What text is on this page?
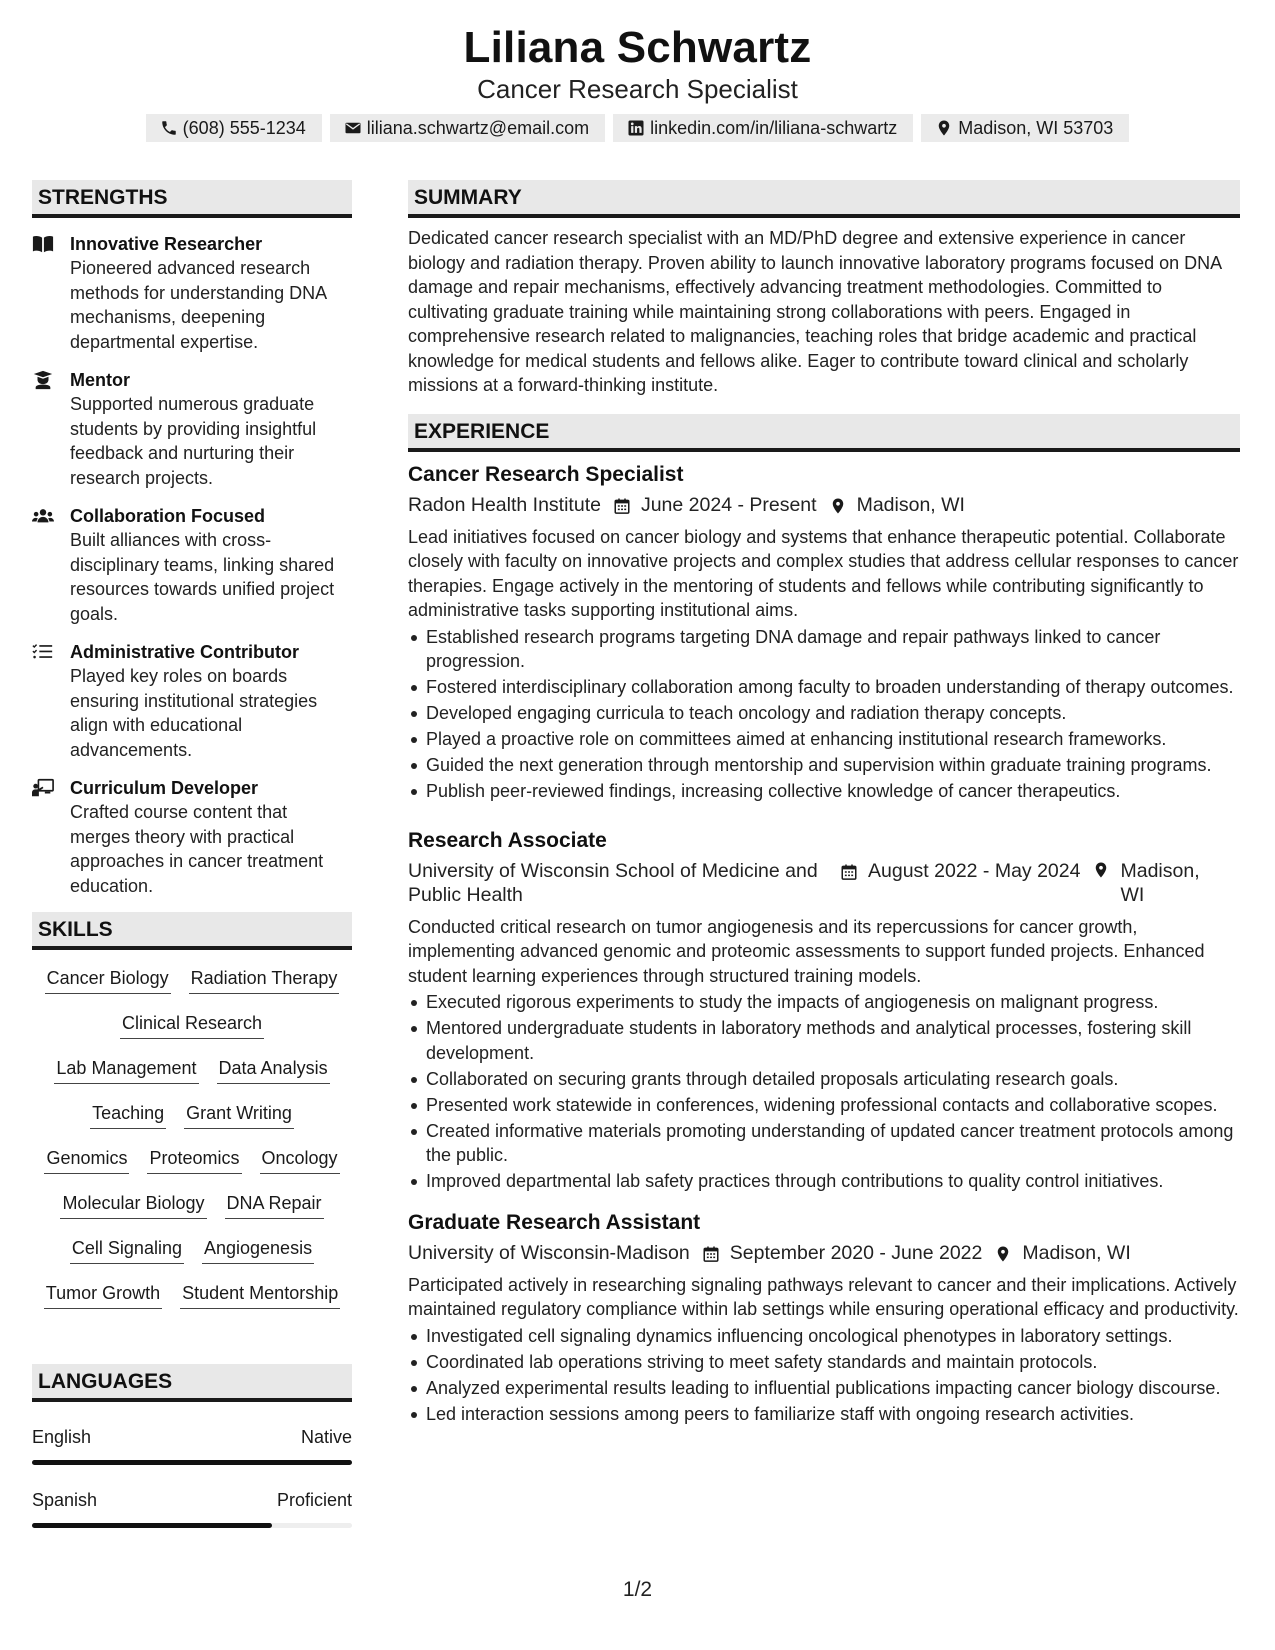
Liliana Schwartz
Cancer Research Specialist
(608) 555-1234	liliana.schwartz@email.com	linkedin.com/in/liliana-schwartz	Madison, WI 53703
STRENGTHS
Innovative Researcher
Pioneered advanced research methods for understanding DNA mechanisms, deepening departmental expertise.
Mentor
Supported numerous graduate students by providing insightful feedback and nurturing their research projects.
Collaboration Focused
Built alliances with cross-disciplinary teams, linking shared resources towards unified project goals.
Administrative Contributor
Played key roles on boards ensuring institutional strategies align with educational advancements.
Curriculum Developer
Crafted course content that merges theory with practical approaches in cancer treatment education.
SKILLS
Cancer Biology Radiation Therapy
Clinical Research
Lab Management Data Analysis
Teaching Grant Writing
Genomics Proteomics Oncology
Molecular Biology DNA Repair
Cell Signaling Angiogenesis
Tumor Growth Student Mentorship
LANGUAGES
English	Native
Spanish	Proficient
SUMMARY
Dedicated cancer research specialist with an MD/PhD degree and extensive experience in cancer biology and radiation therapy. Proven ability to launch innovative laboratory programs focused on DNA damage and repair mechanisms, effectively advancing treatment methodologies. Committed to cultivating graduate training while maintaining strong collaborations with peers. Engaged in comprehensive research related to malignancies, teaching roles that bridge academic and practical knowledge for medical students and fellows alike. Eager to contribute toward clinical and scholarly missions at a forward-thinking institute.
EXPERIENCE
Cancer Research Specialist
Radon Health Institute June 2024 - Present Madison, WI
Lead initiatives focused on cancer biology and systems that enhance therapeutic potential. Collaborate closely with faculty on innovative projects and complex studies that address cellular responses to cancer therapies. Engage actively in the mentoring of students and fellows while contributing significantly to administrative tasks supporting institutional aims.
Established research programs targeting DNA damage and repair pathways linked to cancer progression.
Fostered interdisciplinary collaboration among faculty to broaden understanding of therapy outcomes.
Developed engaging curricula to teach oncology and radiation therapy concepts.
Played a proactive role on committees aimed at enhancing institutional research frameworks.
Guided the next generation through mentorship and supervision within graduate training programs.
Publish peer-reviewed findings, increasing collective knowledge of cancer therapeutics.
Research Associate
University of Wisconsin School of Medicine and Public Health
August 2022 - May 2024 Madison, WI
Conducted critical research on tumor angiogenesis and its repercussions for cancer growth, implementing advanced genomic and proteomic assessments to support funded projects. Enhanced student learning experiences through structured training models.
Executed rigorous experiments to study the impacts of angiogenesis on malignant progress.
Mentored undergraduate students in laboratory methods and analytical processes, fostering skill development.
Collaborated on securing grants through detailed proposals articulating research goals.
Presented work statewide in conferences, widening professional contacts and collaborative scopes.
Created informative materials promoting understanding of updated cancer treatment protocols among the public.
Improved departmental lab safety practices through contributions to quality control initiatives.
Graduate Research Assistant
University of Wisconsin-Madison September 2020 - June 2022 Madison, WI
Participated actively in researching signaling pathways relevant to cancer and their implications. Actively maintained regulatory compliance within lab settings while ensuring operational efficacy and productivity.
Investigated cell signaling dynamics influencing oncological phenotypes in laboratory settings.
Coordinated lab operations striving to meet safety standards and maintain protocols.
Analyzed experimental results leading to influential publications impacting cancer biology discourse.
Led interaction sessions among peers to familiarize staff with ongoing research activities.
1/2
